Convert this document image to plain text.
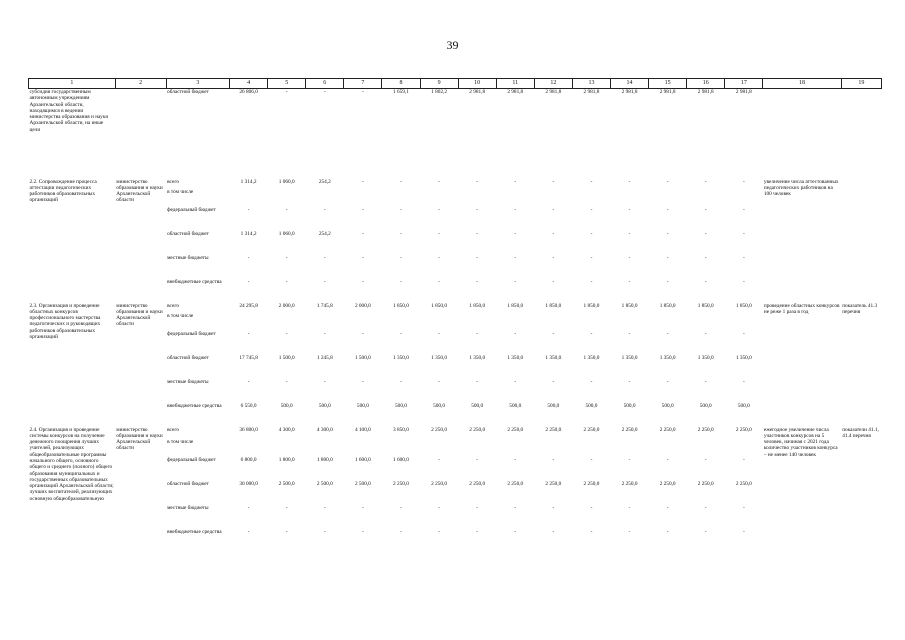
39
1	2	3	4	5	6	7	8	9	10	11	12	13	14	15	16	17	18	19
субсидия государственным автономным учреждениям Архангельской области, находящимся в ведении министерства образования и науки Архангельской области, на иные цели		областной бюджет	26 806,0	-	-	-	1 659,1	1 802,2	2 981,8	2 981,8	2 981,8	2 981,8	2 981,8	2 981,8	2 981,8	2 981,8		
2.2. Сопровождение процесса аттестации педагогических работников образовательных организаций	министерство образования и науки Архангельской области	всего	1 314,2	1 060,0	254,2	-	-	-	-	-	-	-	-	-	-	-	увеличение числа аттестованных педагогических работников на 100 человек	
		в том числе																
		федеральный бюджет	-	-	-	-	-	-	-	-	-	-	-	-	-	-		
		областной бюджет	1 314,2	1 060,0	254,2	-	-	-	-	-	-	-	-	-	-	-		
		местные бюджеты	-	-	-	-	-	-	-	-	-	-	-	-	-	-		
		внебюджетные средства	-	-	-	-	-	-	-	-	-	-	-	-	-	-		
2.3. Организация и проведение областных конкурсов профессионального мастерства педагогических и руководящих работников образовательных организаций	министерство образования и науки Архангельской области	всего	24 295,8	2 000,0	1 745,8	2 000,0	1 850,0	1 850,0	1 850,0	1 850,0	1 850,0	1 850,0	1 850,0	1 850,0	1 850,0	1 850,0	проведение областных конкурсов не реже 1 раза в год	показатель 41.3 перечня
		в том числе																
		федеральный бюджет	-	-	-	-	-	-	-	-	-	-	-	-	-	-		
		областной бюджет	17 745,8	1 500,0	1 245,8	1 500,0	1 350,0	1 350,0	1 350,0	1 350,0	1 350,0	1 350,0	1 350,0	1 350,0	1 350,0	1 350,0		
		местные бюджеты	-	-	-	-	-	-	-	-	-	-	-	-	-	-		
		внебюджетные средства	6 550,0	500,0	500,0	500,0	500,0	500,0	500,0	500,0	500,0	500,0	500,0	500,0	500,0	500,0		
2.4. Организация и проведение системы конкурсов на получение денежного поощрения лучших учителей, реализующих общеобразовательные программы начального общего, основного общего и среднего (полного) общего образования муниципальных и государственных образовательных организаций Архангельской области; лучших воспитателей, реализующих основную общеобразовательную	министерство образования и науки Архангельской области	всего	36 800,0	4 300,0	4 300,0	4 100,0	3 850,0	2 250,0	2 250,0	2 250,0	2 250,0	2 250,0	2 250,0	2 250,0	2 250,0	2 250,0	ежегодное увеличение числа участников конкурсов на 5 человек, начиная с 2021 года количество участников конкурса – не менее 140 человек	показатели 41.1, 41.4 перечня
		в том числе																
		федеральный бюджет	6 800,0	1 800,0	1 800,0	1 600,0	1 600,0	-	-	-	-	-	-	-	-	-		
		областной бюджет	30 000,0	2 500,0	2 500,0	2 500,0	2 250,0	2 250,0	2 250,0	2 250,0	2 250,0	2 250,0	2 250,0	2 250,0	2 250,0	2 250,0		
		местные бюджеты	-	-	-	-	-	-	-	-	-	-	-	-	-	-		
		внебюджетные средства	-	-	-	-	-	-	-	-	-	-	-	-	-	-		
